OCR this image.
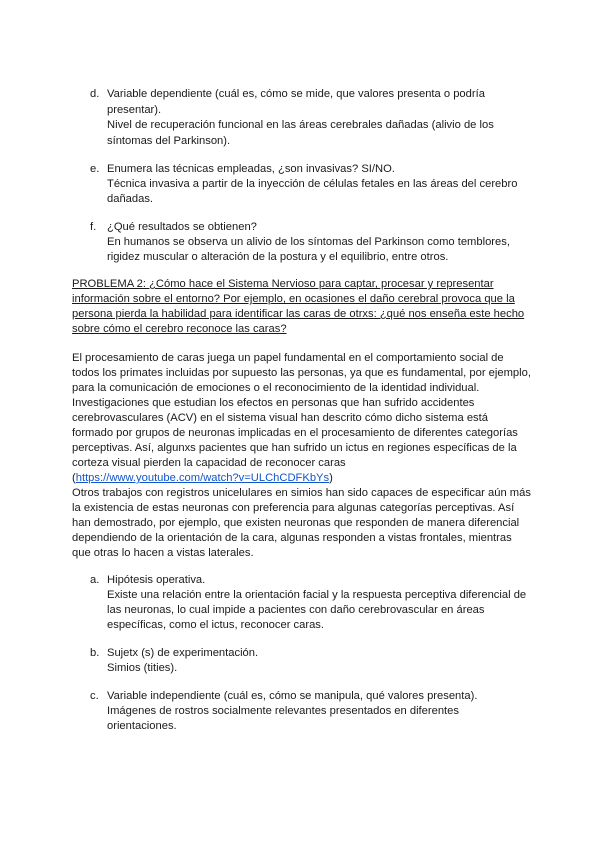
d. Variable dependiente (cuál es, cómo se mide, que valores presenta o podría
presentar).
Nivel de recuperación funcional en las áreas cerebrales dañadas (alivio de los
síntomas del Parkinson).
e. Enumera las técnicas empleadas, ¿son invasivas? SI/NO.
Técnica invasiva a partir de la inyección de células fetales en las áreas del cerebro
dañadas.
f. ¿Qué resultados se obtienen?
En humanos se observa un alivio de los síntomas del Parkinson como temblores,
rigidez muscular o alteración de la postura y el equilibrio, entre otros.
PROBLEMA 2: ¿Cómo hace el Sistema Nervioso para captar, procesar y representar
información sobre el entorno? Por ejemplo, en ocasiones el daño cerebral provoca que la
persona pierda la habilidad para identificar las caras de otrxs: ¿qué nos enseña este hecho
sobre cómo el cerebro reconoce las caras?
El procesamiento de caras juega un papel fundamental en el comportamiento social de
todos los primates incluidas por supuesto las personas, ya que es fundamental, por ejemplo,
para la comunicación de emociones o el reconocimiento de la identidad individual.
Investigaciones que estudian los efectos en personas que han sufrido accidentes
cerebrovasculares (ACV) en el sistema visual han descrito cómo dicho sistema está
formado por grupos de neuronas implicadas en el procesamiento de diferentes categorías
perceptivas. Así, algunxs pacientes que han sufrido un ictus en regiones específicas de la
corteza visual pierden la capacidad de reconocer caras
(https://www.youtube.com/watch?v=ULChCDFKbYs)
Otros trabajos con registros unicelulares en simios han sido capaces de especificar aún más
la existencia de estas neuronas con preferencia para algunas categorías perceptivas. Así
han demostrado, por ejemplo, que existen neuronas que responden de manera diferencial
dependiendo de la orientación de la cara, algunas responden a vistas frontales, mientras
que otras lo hacen a vistas laterales.
a. Hipótesis operativa.
Existe una relación entre la orientación facial y la respuesta perceptiva diferencial de
las neuronas, lo cual impide a pacientes con daño cerebrovascular en áreas
específicas, como el ictus, reconocer caras.
b. Sujetx (s) de experimentación.
Simios (tities).
c. Variable independiente (cuál es, cómo se manipula, qué valores presenta).
Imágenes de rostros socialmente relevantes presentados en diferentes
orientaciones.
